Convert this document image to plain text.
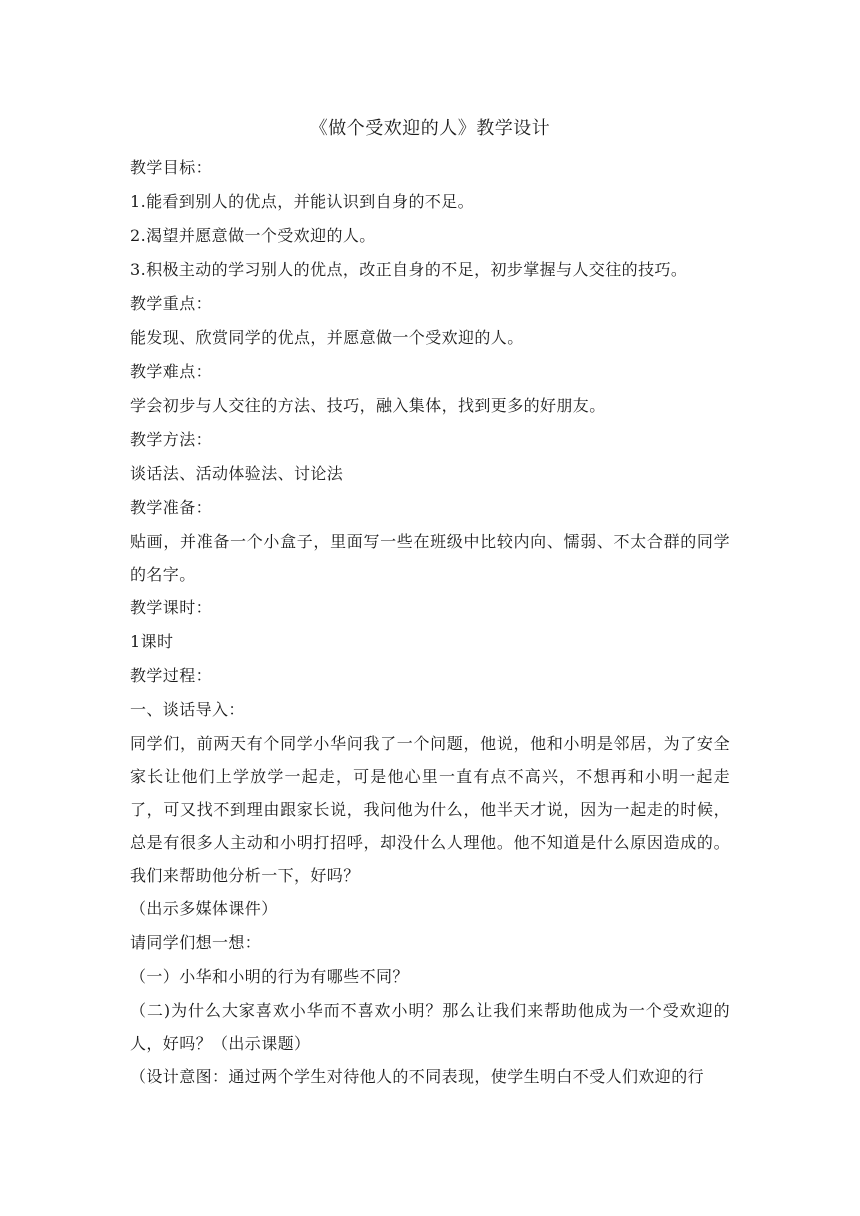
《做个受欢迎的人》教学设计

教学目标：

1.能看到别人的优点，并能认识到自身的不足。

2.渴望并愿意做一个受欢迎的人。

3.积极主动的学习别人的优点，改正自身的不足，初步掌握与人交往的技巧。

教学重点：

能发现、欣赏同学的优点，并愿意做一个受欢迎的人。

教学难点：

学会初步与人交往的方法、技巧，融入集体，找到更多的好朋友。

教学方法：

谈话法、活动体验法、讨论法

教学准备：

贴画，并准备一个小盒子，里面写一些在班级中比较内向、懦弱、不太合群的同学的名字。

教学课时：

1课时

教学过程：

一、谈话导入：

同学们，前两天有个同学小华问我了一个问题，他说，他和小明是邻居，为了安全家长让他们上学放学一起走，可是他心里一直有点不高兴，不想再和小明一起走了，可又找不到理由跟家长说，我问他为什么，他半天才说，因为一起走的时候，总是有很多人主动和小明打招呼，却没什么人理他。他不知道是什么原因造成的。我们来帮助他分析一下，好吗？

（出示多媒体课件）

请同学们想一想：

（一）小华和小明的行为有哪些不同？

（二)为什么大家喜欢小华而不喜欢小明？那么让我们来帮助他成为一个受欢迎的人，好吗？（出示课题）

（设计意图：通过两个学生对待他人的不同表现，使学生明白不受人们欢迎的行
